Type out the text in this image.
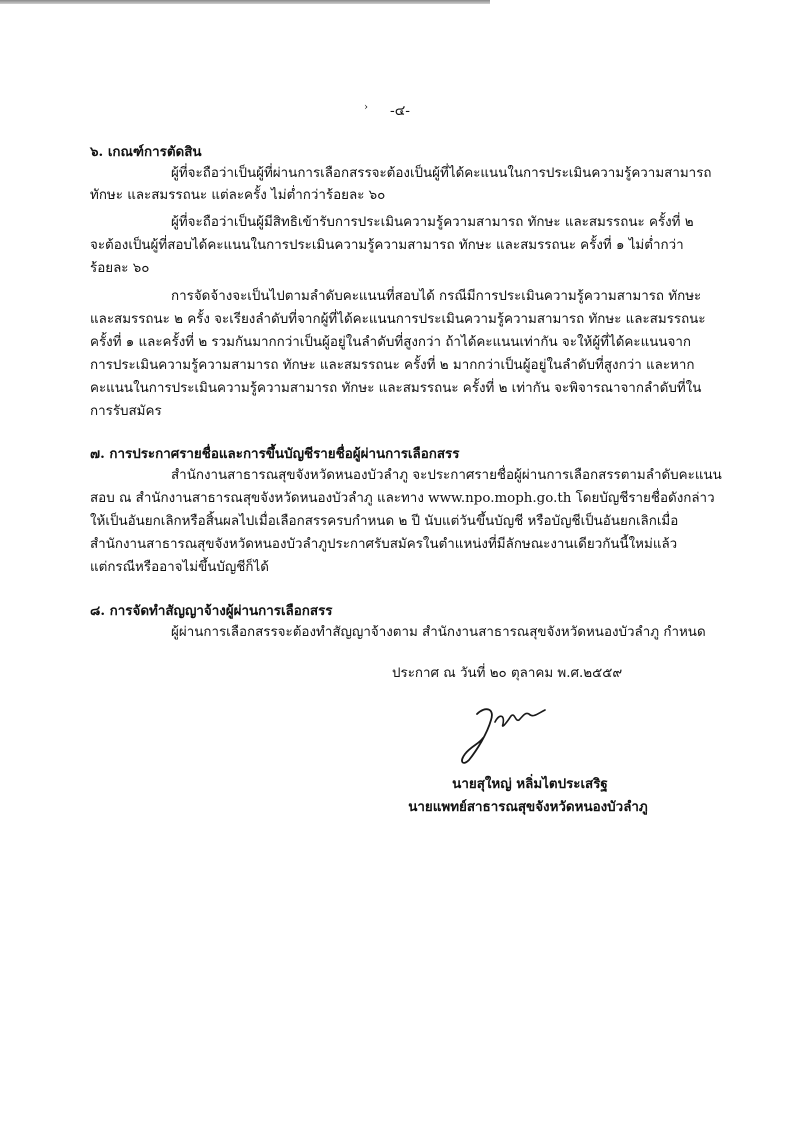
› -๔-
๖. เกณฑ์การตัดสิน
ผู้ที่จะถือว่าเป็นผู้ที่ผ่านการเลือกสรรจะต้องเป็นผู้ที่ได้คะแนนในการประเมินความรู้ความสามารถ
ทักษะ และสมรรถนะ แต่ละครั้ง ไม่ต่ำกว่าร้อยละ ๖๐
ผู้ที่จะถือว่าเป็นผู้มีสิทธิเข้ารับการประเมินความรู้ความสามารถ ทักษะ และสมรรถนะ ครั้งที่ ๒
จะต้องเป็นผู้ที่สอบได้คะแนนในการประเมินความรู้ความสามารถ ทักษะ และสมรรถนะ ครั้งที่ ๑ ไม่ต่ำกว่า
ร้อยละ ๖๐
การจัดจ้างจะเป็นไปตามลำดับคะแนนที่สอบได้ กรณีมีการประเมินความรู้ความสามารถ ทักษะ
และสมรรถนะ ๒ ครั้ง จะเรียงลำดับที่จากผู้ที่ได้คะแนนการประเมินความรู้ความสามารถ ทักษะ และสมรรถนะ
ครั้งที่ ๑ และครั้งที่ ๒ รวมกันมากกว่าเป็นผู้อยู่ในลำดับที่สูงกว่า ถ้าได้คะแนนเท่ากัน จะให้ผู้ที่ได้คะแนนจาก
การประเมินความรู้ความสามารถ ทักษะ และสมรรถนะ ครั้งที่ ๒ มากกว่าเป็นผู้อยู่ในลำดับที่สูงกว่า และหาก
คะแนนในการประเมินความรู้ความสามารถ ทักษะ และสมรรถนะ ครั้งที่ ๒ เท่ากัน จะพิจารณาจากลำดับที่ใน
การรับสมัคร
๗. การประกาศรายชื่อและการขึ้นบัญชีรายชื่อผู้ผ่านการเลือกสรร
สำนักงานสาธารณสุขจังหวัดหนองบัวลำภู จะประกาศรายชื่อผู้ผ่านการเลือกสรรตามลำดับคะแนน
สอบ ณ สำนักงานสาธารณสุขจังหวัดหนองบัวลำภู และทาง www.npo.moph.go.th โดยบัญชีรายชื่อดังกล่าว
ให้เป็นอันยกเลิกหรือสิ้นผลไปเมื่อเลือกสรรครบกำหนด ๒ ปี นับแต่วันขึ้นบัญชี หรือบัญชีเป็นอันยกเลิกเมื่อ
สำนักงานสาธารณสุขจังหวัดหนองบัวลำภูประกาศรับสมัครในตำแหน่งที่มีลักษณะงานเดียวกันนี้ใหม่แล้ว
แต่กรณีหรืออาจไม่ขึ้นบัญชีก็ได้
๘. การจัดทำสัญญาจ้างผู้ผ่านการเลือกสรร
ผู้ผ่านการเลือกสรรจะต้องทำสัญญาจ้างตาม สำนักงานสาธารณสุขจังหวัดหนองบัวลำภู กำหนด
ประกาศ ณ วันที่ ๒๐ ตุลาคม พ.ศ.๒๕๕๙
นายสุใหญ่ หลิ่มไตประเสริฐ
นายแพทย์สาธารณสุขจังหวัดหนองบัวลำภู
